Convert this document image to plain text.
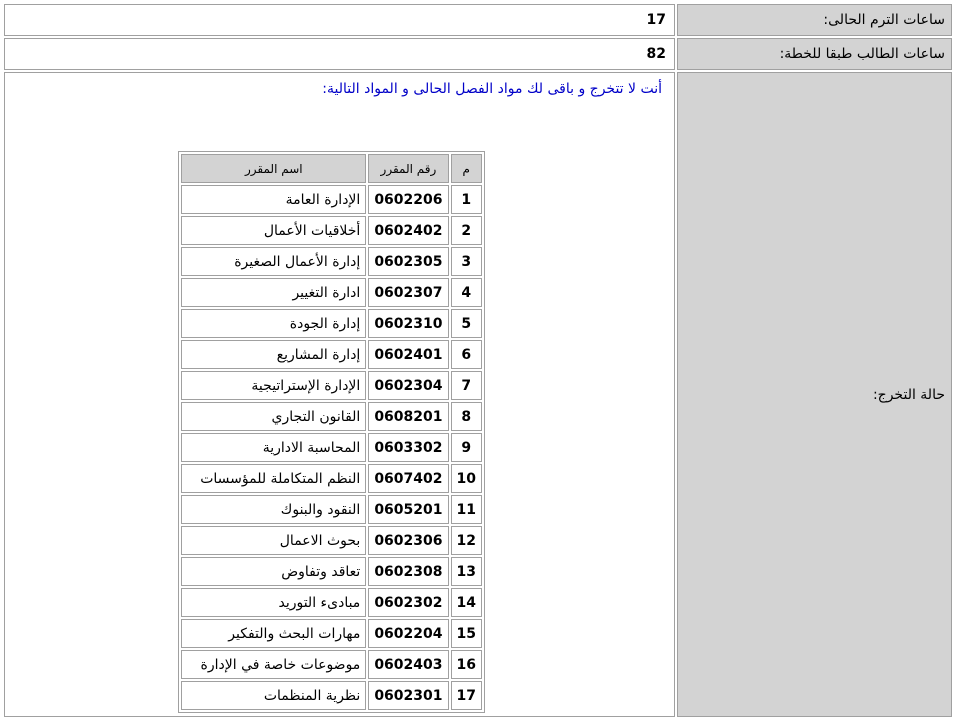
ساعات الترم الحالى:	17
ساعات الطالب طبقا للخطة:	82
حالة التخرج:	
أنت لا تتخرج و باقى لك مواد الفصل الحالى و المواد التالية:
م	رقم المقرر	اسم المقرر
1	0602206	الإدارة العامة
2	0602402	أخلاقيات الأعمال
3	0602305	إدارة الأعمال الصغيرة
4	0602307	ادارة التغيير
5	0602310	إدارة الجودة
6	0602401	إدارة المشاريع
7	0602304	الإدارة الإستراتيجية
8	0608201	القانون التجاري
9	0603302	المحاسبة الادارية
10	0607402	النظم المتكاملة للمؤسسات
11	0605201	النقود والبنوك
12	0602306	بحوث الاعمال
13	0602308	تعاقد وتفاوض
14	0602302	مبادىء التوريد
15	0602204	مهارات البحث والتفكير
16	0602403	موضوعات خاصة في الإدارة
17	0602301	نظرية المنظمات
